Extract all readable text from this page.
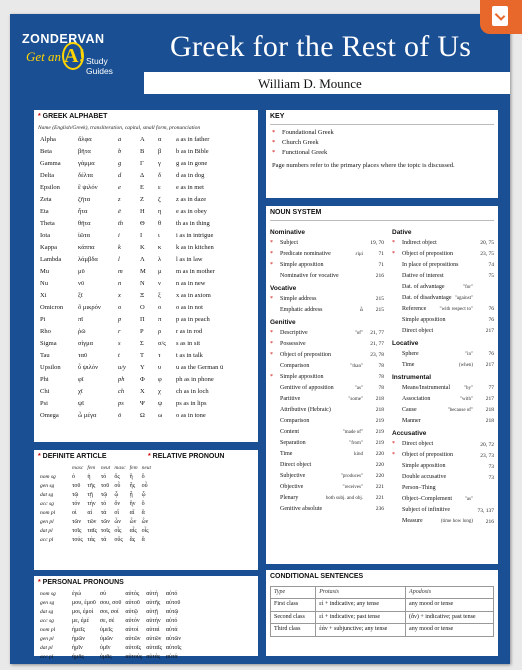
ZONDERVAN
Get an A! Study Guides
Greek for the Rest of Us
William D. Mounce
* GREEK ALPHABET
Name (English/Greek), transliteration, capital, small form, pronunciation
Alpha	ἄλφα	a	Α	α	a as in father
Beta	βῆτα	b	Β	β	b as in Bible
Gamma	γάμμα	g	Γ	γ	g as in gone
Delta	δέλτα	d	Δ	δ	d as in dog
Epsilon	ἒ ψιλόν	e	Ε	ε	e as in met
Zeta	ζῆτα	z	Ζ	ζ	z as in daze
Eta	ἦτα	ē	Η	η	e as in obey
Theta	θῆτα	th	Θ	θ	th as in thing
Iota	ἰῶτα	i	Ι	ι	i as in intrigue
Kappa	κάππα	k	Κ	κ	k as in kitchen
Lambda	λάμβδα	l	Λ	λ	l as in law
Mu	μῦ	m	Μ	μ	m as in mother
Nu	νῦ	n	Ν	ν	n as in new
Xi	ξῖ	x	Ξ	ξ	x as in axiom
Omicron	ὂ μικρόν	o	Ο	ο	o as in not
Pi	πῖ	p	Π	π	p as in peach
Rho	ῥῶ	r	Ρ	ρ	r as in rod
Sigma	σίγμα	s	Σ	σ/ς	s as in sit
Tau	ταῦ	t	Τ	τ	t as in talk
Upsilon	ὖ ψιλόν	u/y	Υ	υ	u as the German ü
Phi	φῖ	ph	Φ	φ	ph as in phone
Chi	χῖ	ch	Χ	χ	ch as in loch
Psi	ψῖ	ps	Ψ	ψ	ps as in lips
Omega	ὦ μέγα	ō	Ω	ω	o as in tone
KEY
* Foundational Greek
* Church Greek
* Functional Greek
Page numbers refer to the primary places where the topic is discussed.
NOUN SYSTEM
Nominative
*	Subject	19, 70
*	Predicate nominative	εἰμί	71
*	Simple apposition	71
Nominative for vocative	216
Vocative
*	Simple address	215
Emphatic address	ὦ	215
Genitive
*	Descriptive	"of"	21, 77
*	Possessive	21, 77
*	Object of preposition	23, 78
Comparison	"than"	78
*	Simple apposition	78
Genitive of apposition	"as"	78
Partitive	"some"	218
Attributive (Hebraic)	218
Comparison	219
Content	"made of"	219
Separation	"from"	219
Time	kind	220
Direct object	220
Subjective	"produces"	220
Objective	"receives"	221
Plenary	both subj. and obj.	221
Genitive absolute	236
Dative
*	Indirect object	20, 75
*	Object of preposition	23, 75
In place of prepositions	74
Dative of interest	75
Dat. of advantage	"for"
Dat. of disadvantage "against"
Reference	"with respect to"	76
Simple apposition	76
Direct object	217
Locative
Sphere	"in"	76
Time	(when)	217
Instrumental
Means/Instrumental	"by"	77
Association	"with"	217
Cause	"because of"	218
Manner	218
Accusative
*	Direct object	20, 72
*	Object of preposition	23, 73
Simple apposition	73
Double accusative	73
Person–Thing
Object–Complement	"as"
Subject of infinitive	73, 137
Measure	(time how long)	216
* DEFINITE ARTICLE	* RELATIVE PRONOUN
	masc	fem	neut	masc	fem	neut
nom sg	ὁ	ἡ	τό	ὅς	ἥ	ὅ
gen sg	τοῦ	τῆς	τοῦ	οὗ	ἧς	οὗ
dat sg	τῷ	τῇ	τῷ	ᾧ	ᾗ	ᾧ
acc sg	τόν	τήν	τό	ὅν	ἥν	ὅ
nom pl	οἱ	αἱ	τά	οἵ	αἵ	ἅ
gen pl	τῶν	τῶν	τῶν	ὧν	ὧν	ὧν
dat pl	τοῖς	ταῖς	τοῖς	οἷς	αἷς	οἷς
acc pl	τούς	τάς	τά	οὕς	ἅς	ἅ
* PERSONAL PRONOUNS
nom sg	ἐγώ	σύ	αὐτός	αὐτή	αὐτό
gen sg	μου, ἐμοῦ	σου, σοῦ	αὐτοῦ	αὐτῆς	αὐτοῦ
dat sg	μοι, ἐμοί	σοι, σοί	αὐτῷ	αὐτῇ	αὐτῷ
acc sg	με, ἐμέ	σε, σέ	αὐτόν	αὐτήν	αὐτό
nom pl	ἡμεῖς	ὑμεῖς	αὐτοί	αὐταί	αὐτά
gen pl	ἡμῶν	ὑμῶν	αὐτῶν	αὐτῶν	αὐτῶν
dat pl	ἡμῖν	ὑμῖν	αὐτοῖς	αὐταῖς	αὐτοῖς
acc pl	ἡμᾶς	ὑμᾶς	αὐτούς	αὐτάς	αὐτά
CONDITIONAL SENTENCES
Type	Protasis	Apodosis
First class	εἰ + indicative; any tense	any mood or tense
Second class	εἰ + indicative; past tense	(ἄν) + indicative; past tense
Third class	ἐάν + subjunctive; any tense	any mood or tense
